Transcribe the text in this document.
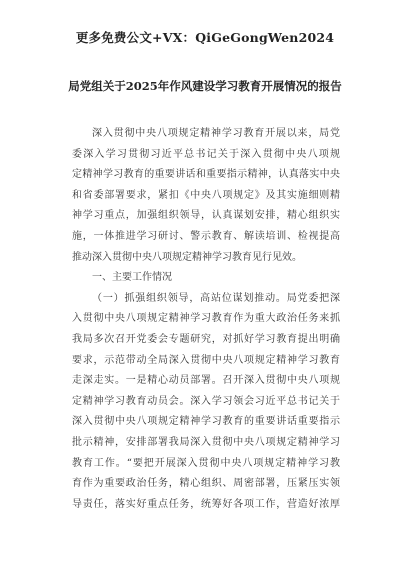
更多免费公文+VX：QiGeGongWen2024
局党组关于2025年作风建设学习教育开展情况的报告
深入贯彻中央八项规定精神学习教育开展以来，局党
委深入学习贯彻习近平总书记关于深入贯彻中央八项规
定精神学习教育的重要讲话和重要指示精神，认真落实中央
和省委部署要求，紧扣《中央八项规定》及其实施细则精
神学习重点，加强组织领导，认真谋划安排，精心组织实
施，一体推进学习研讨、警示教育、解读培训、检视提高
推动深入贯彻中央八项规定精神学习教育见行见效。
一、主要工作情况
（一）抓强组织领导，高站位谋划推动。局党委把深
入贯彻中央八项规定精神学习教育作为重大政治任务来抓
我局多次召开党委会专题研究，对抓好学习教育提出明确
要求，示范带动全局深入贯彻中央八项规定精神学习教育
走深走实。一是精心动员部署。召开深入贯彻中央八项规
定精神学习教育动员会。深入学习领会习近平总书记关于
深入贯彻中央八项规定精神学习教育的重要讲话重要指示
批示精神，安排部署我局深入贯彻中央八项规定精神学习
教育工作。“要把开展深入贯彻中央八项规定精神学习教
育作为重要政治任务，精心组织、周密部署，压紧压实领
导责任，落实好重点任务，统筹好各项工作，营造好浓厚
